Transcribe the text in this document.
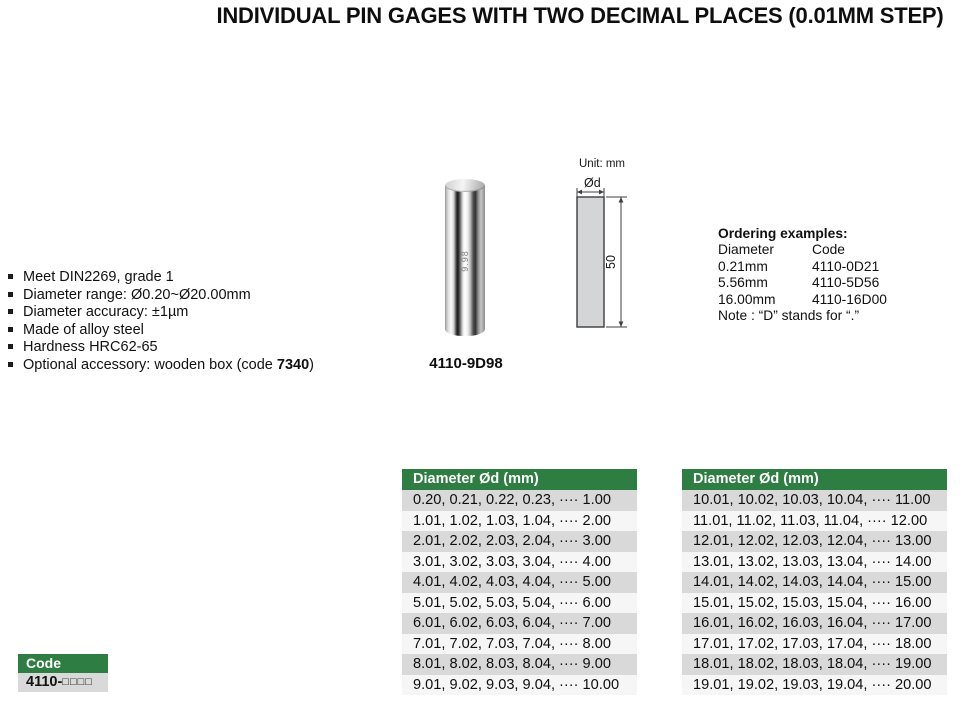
INDIVIDUAL PIN GAGES WITH TWO DECIMAL PLACES (0.01MM STEP)
Meet DIN2269, grade 1
Diameter range: Ø0.20~Ø20.00mm
Diameter accuracy: ±1µm
Made of alloy steel
Hardness HRC62-65
Optional accessory: wooden box (code 7340)
9.98
4110-9D98
Unit: mm
Ød
50
Ordering examples:
Diameter	Code
0.21mm	4110-0D21
5.56mm	4110-5D56
16.00mm	4110-16D00
Note : “D” stands for “.”
Code
4110-□□□□
Diameter Ød (mm)
0.20, 0.21, 0.22, 0.23, ···· 1.00
1.01, 1.02, 1.03, 1.04, ···· 2.00
2.01, 2.02, 2.03, 2.04, ···· 3.00
3.01, 3.02, 3.03, 3.04, ···· 4.00
4.01, 4.02, 4.03, 4.04, ···· 5.00
5.01, 5.02, 5.03, 5.04, ···· 6.00
6.01, 6.02, 6.03, 6.04, ···· 7.00
7.01, 7.02, 7.03, 7.04, ···· 8.00
8.01, 8.02, 8.03, 8.04, ···· 9.00
9.01, 9.02, 9.03, 9.04, ···· 10.00
Diameter Ød (mm)
10.01, 10.02, 10.03, 10.04, ···· 11.00
11.01, 11.02, 11.03, 11.04, ···· 12.00
12.01, 12.02, 12.03, 12.04, ···· 13.00
13.01, 13.02, 13.03, 13.04, ···· 14.00
14.01, 14.02, 14.03, 14.04, ···· 15.00
15.01, 15.02, 15.03, 15.04, ···· 16.00
16.01, 16.02, 16.03, 16.04, ···· 17.00
17.01, 17.02, 17.03, 17.04, ···· 18.00
18.01, 18.02, 18.03, 18.04, ···· 19.00
19.01, 19.02, 19.03, 19.04, ···· 20.00
